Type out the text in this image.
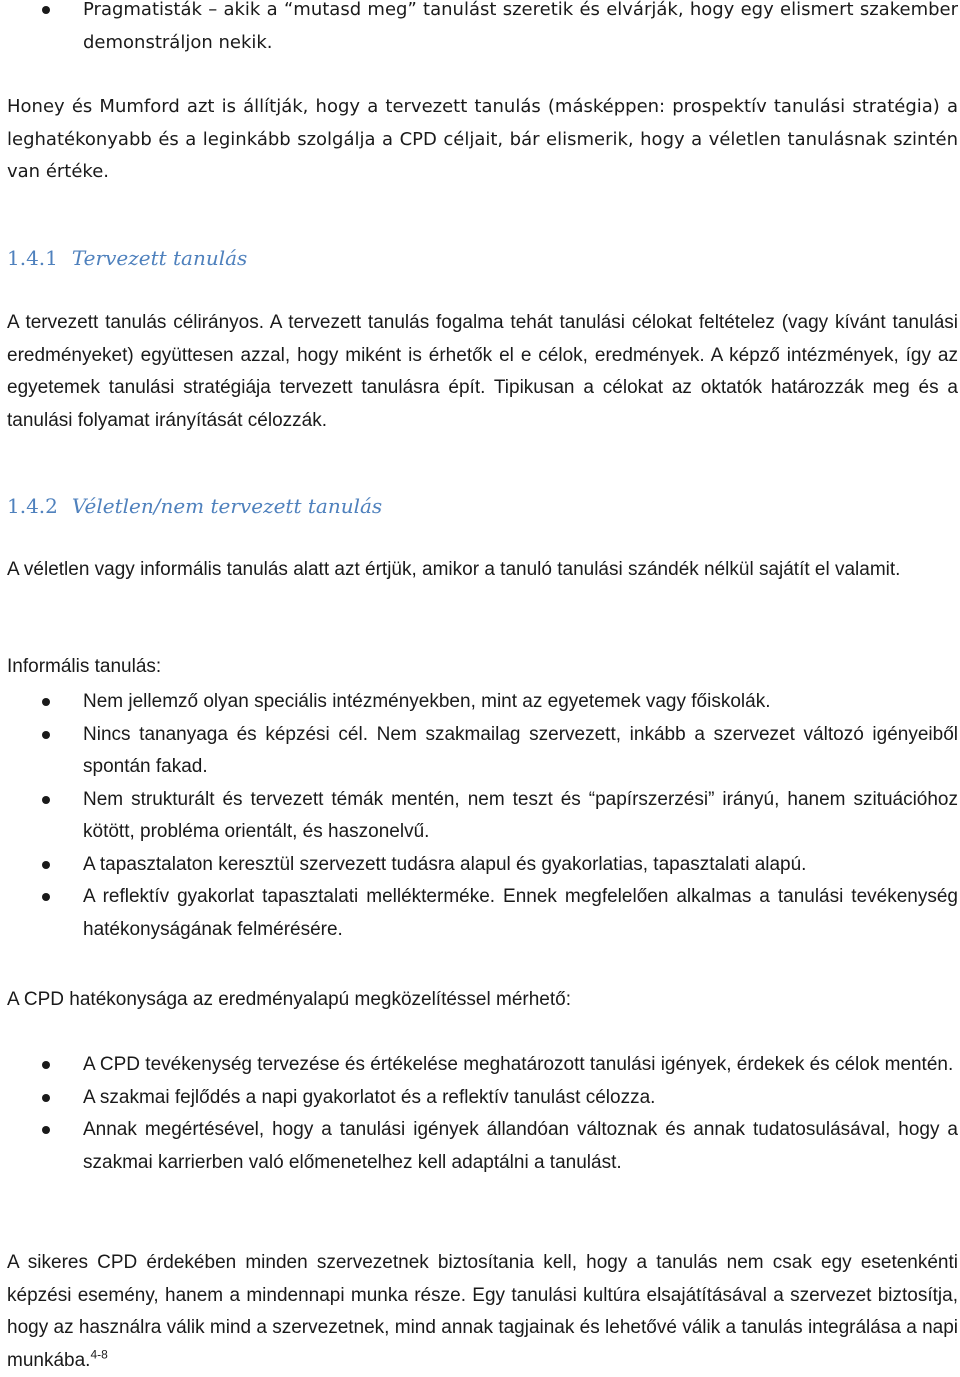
Pragmatisták – akik a “mutasd meg” tanulást szeretik és elvárják, hogy egy elismert szakember demonstráljon nekik.

Honey és Mumford azt is állítják, hogy a tervezett tanulás (másképpen: prospektív tanulási stratégia) a leghatékonyabb és a leginkább szolgálja a CPD céljait, bár elismerik, hogy a véletlen tanulásnak szintén van értéke.

1.4.1 Tervezett tanulás

A tervezett tanulás célirányos. A tervezett tanulás fogalma tehát tanulási célokat feltételez (vagy kívánt tanulási eredményeket) együttesen azzal, hogy miként is érhetők el e célok, eredmények. A képző intézmények, így az egyetemek tanulási stratégiája tervezett tanulásra épít. Tipikusan a célokat az oktatók határozzák meg és a tanulási folyamat irányítását célozzák.

1.4.2 Véletlen/nem tervezett tanulás

A véletlen vagy informális tanulás alatt azt értjük, amikor a tanuló tanulási szándék nélkül sajátít el valamit.

Informális tanulás:

Nem jellemző olyan speciális intézményekben, mint az egyetemek vagy főiskolák.
Nincs tananyaga és képzési cél. Nem szakmailag szervezett, inkább a szervezet változó igényeiből spontán fakad.
Nem strukturált és tervezett témák mentén, nem teszt és “papírszerzési” irányú, hanem szituációhoz kötött, probléma orientált, és haszonelvű.
A tapasztalaton keresztül szervezett tudásra alapul és gyakorlatias, tapasztalati alapú.
A reflektív gyakorlat tapasztalati mellékterméke. Ennek megfelelően alkalmas a tanulási tevékenység hatékonyságának felmérésére.

A CPD hatékonysága az eredményalapú megközelítéssel mérhető:

A CPD tevékenység tervezése és értékelése meghatározott tanulási igények, érdekek és célok mentén.
A szakmai fejlődés a napi gyakorlatot és a reflektív tanulást célozza.
Annak megértésével, hogy a tanulási igények állandóan változnak és annak tudatosulásával, hogy a szakmai karrierben való előmenetelhez kell adaptálni a tanulást.

A sikeres CPD érdekében minden szervezetnek biztosítania kell, hogy a tanulás nem csak egy esetenkénti képzési esemény, hanem a mindennapi munka része. Egy tanulási kultúra elsajátításával a szervezet biztosítja, hogy az használra válik mind a szervezetnek, mind annak tagjainak és lehetővé válik a tanulás integrálása a napi munkába.$^{4-8}$
